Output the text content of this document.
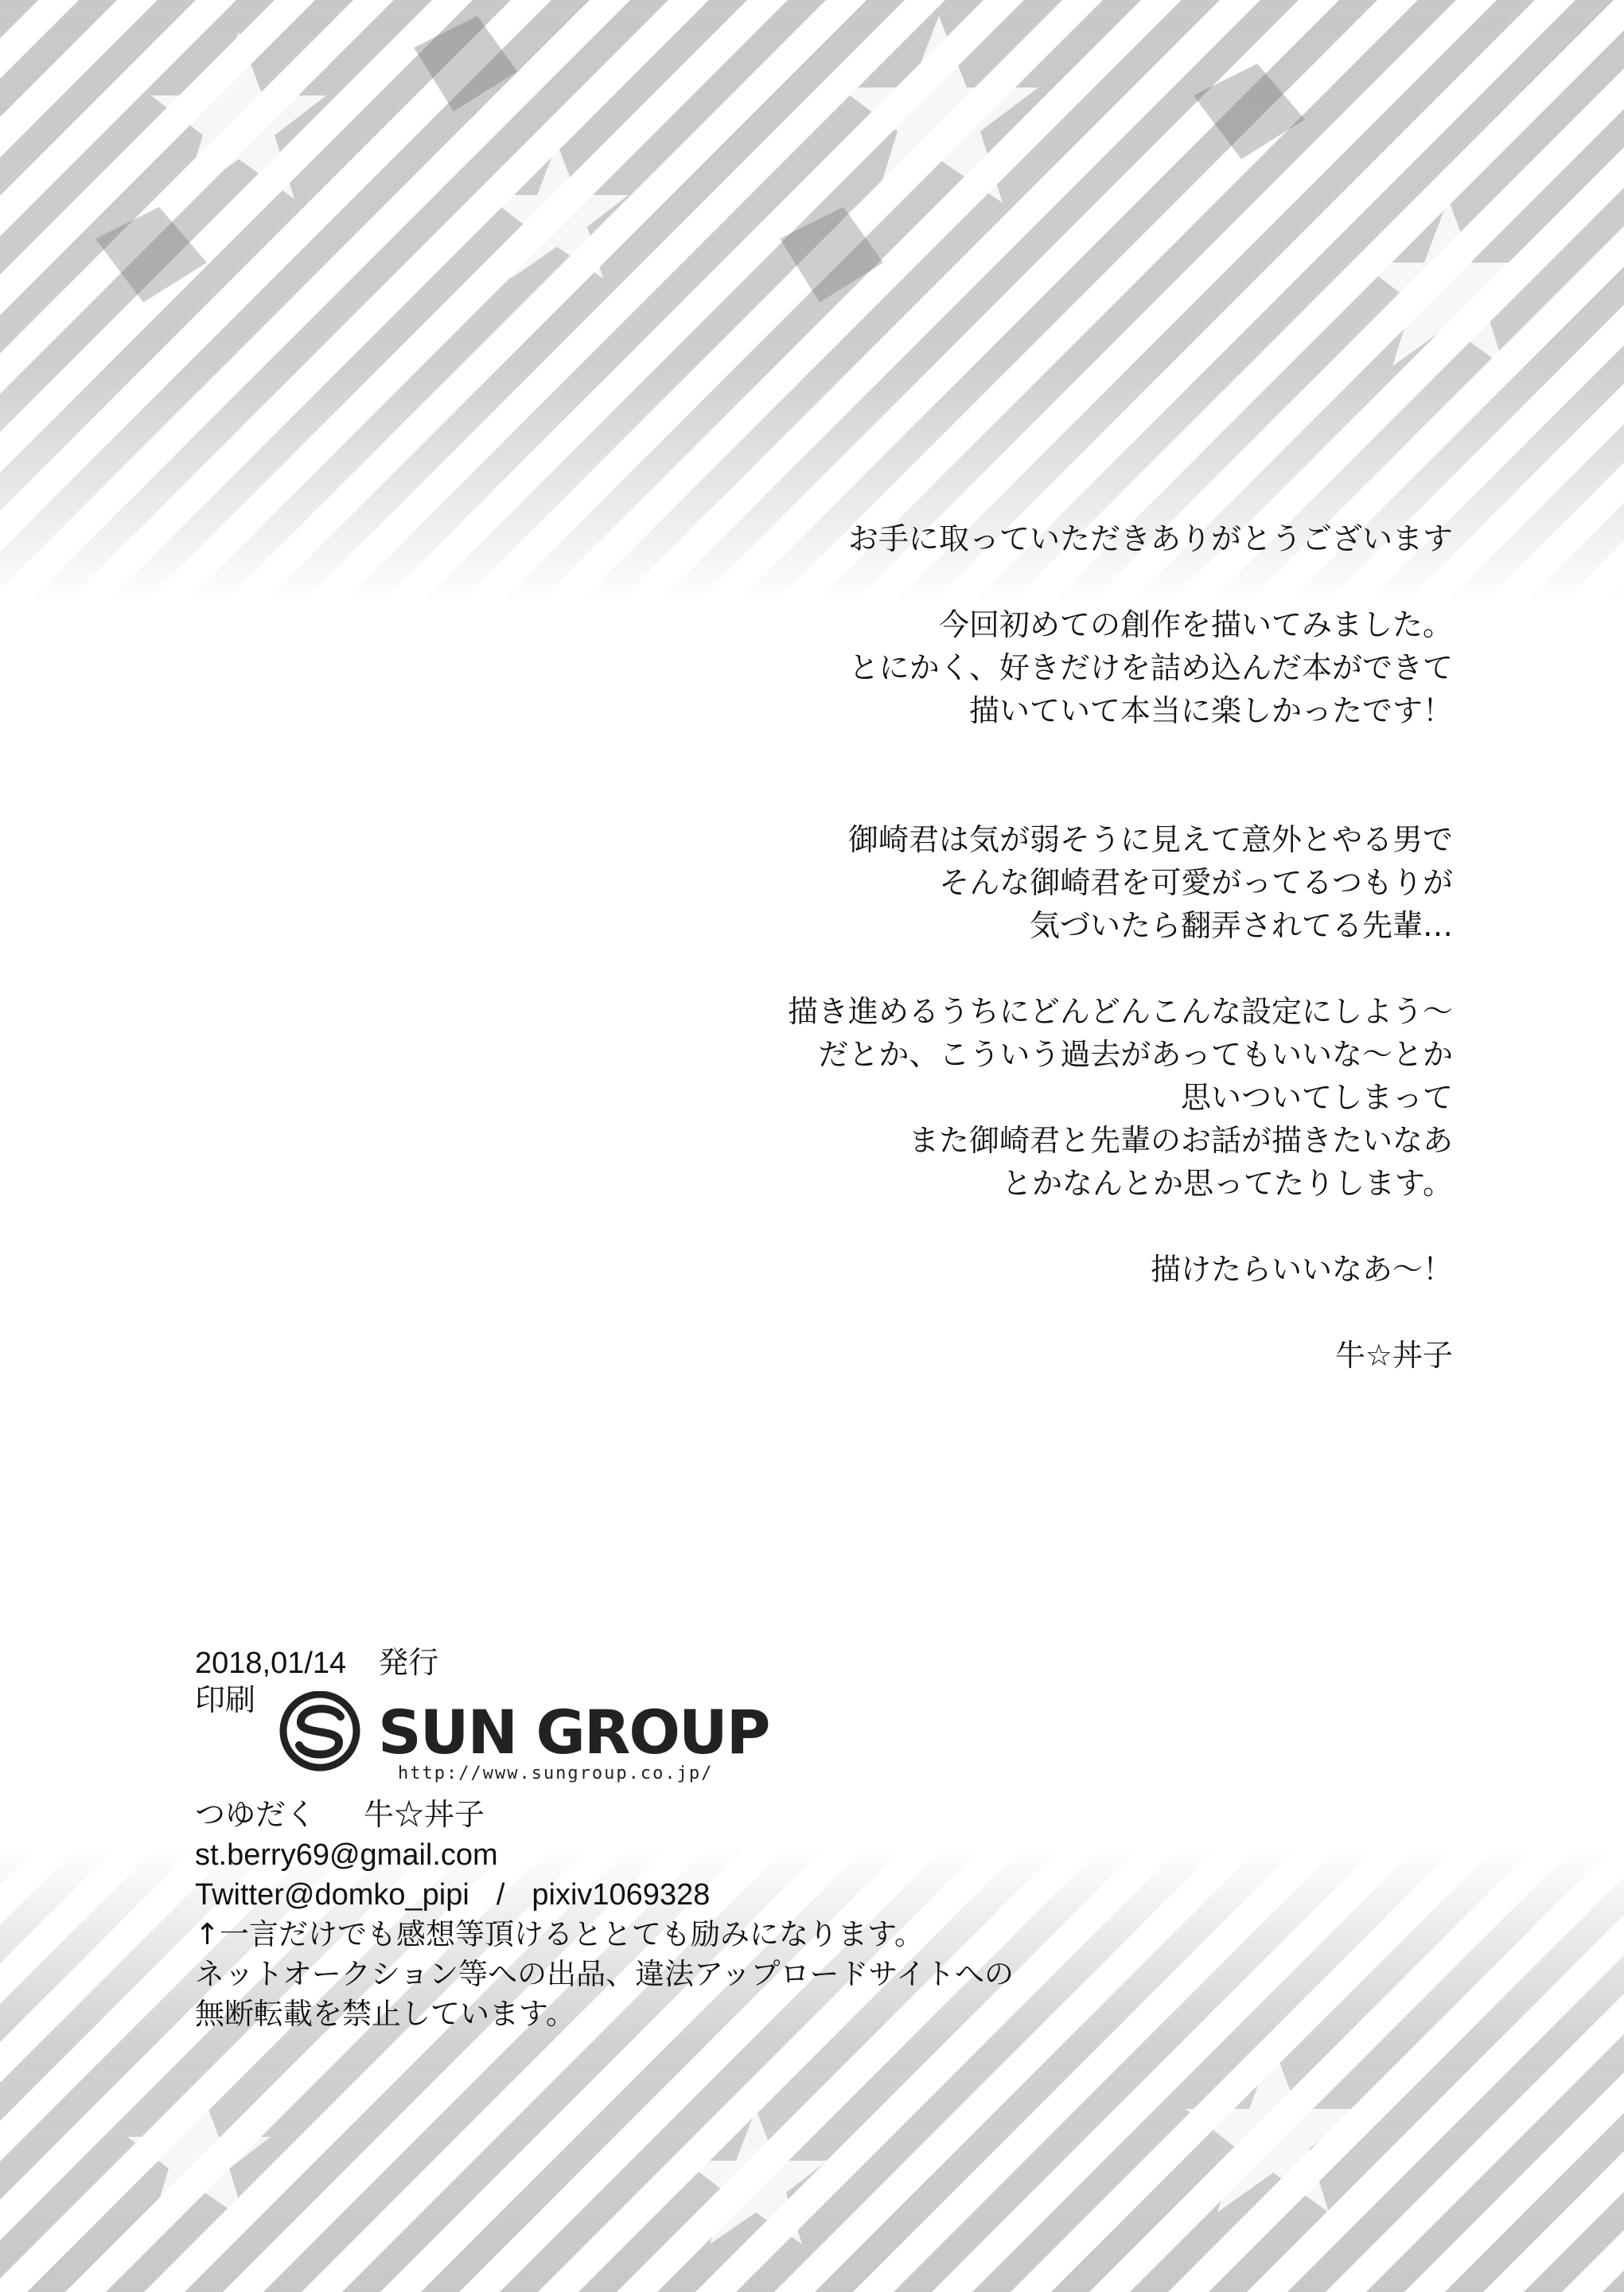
お手に取っていただきありがとうございます

今回初めての創作を描いてみました。

とにかく、好きだけを詰め込んだ本ができて

描いていて本当に楽しかったです！

御崎君は気が弱そうに見えて意外とやる男で

そんな御崎君を可愛がってるつもりが

気づいたら翻弄されてる先輩…

描き進めるうちにどんどんこんな設定にしよう～

だとか、こういう過去があってもいいな～とか

思いついてしまって

また御崎君と先輩のお話が描きたいなあ

とかなんとか思ってたりします。

描けたらいいなあ～！

牛☆丼子

2018,01/14 発行
印刷 SUN GROUP
http://www.sungroup.co.jp/
つゆだく 牛☆丼子
st.berry69@gmail.com
Twitter@domko_pipi / pixiv1069328
↑一言だけでも感想等頂けるととても励みになります。
ネットオークション等への出品、違法アップロードサイトへの
無断転載を禁止しています。
